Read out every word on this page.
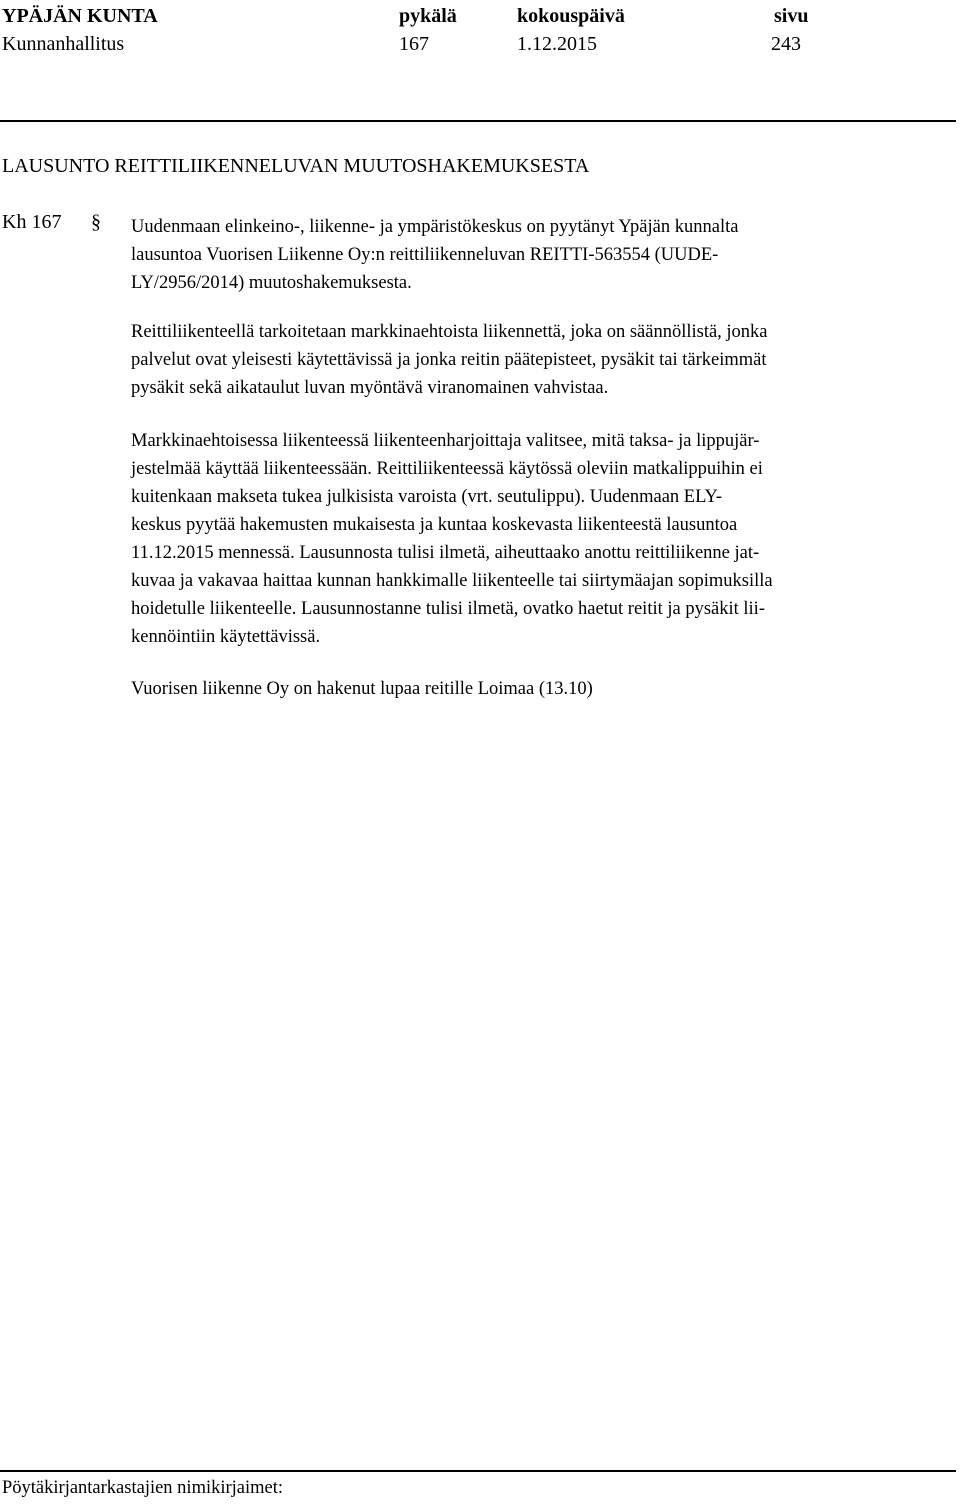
YPÄJÄN KUNTA
Kunnanhallitus
pykälä
167
kokouspäivä
1.12.2015
sivu
243
LAUSUNTO REITTILIIKENNELUVAN MUUTOSHAKEMUKSESTA
Kh 167 § Uudenmaan elinkeino-, liikenne- ja ympäristökeskus on pyytänyt Ypäjän kunnalta
lausuntoa Vuorisen Liikenne Oy:n reittiliikenneluvan REITTI-563554 (UUDE-
LY/2956/2014) muutoshakemuksesta.
Reittiliikenteellä tarkoitetaan markkinaehtoista liikennettä, joka on säännöllistä, jonka
palvelut ovat yleisesti käytettävissä ja jonka reitin päätepisteet, pysäkit tai tärkeimmät
pysäkit sekä aikataulut luvan myöntävä viranomainen vahvistaa.
Markkinaehtoisessa liikenteessä liikenteenharjoittaja valitsee, mitä taksa- ja lippujär-
jestelmää käyttää liikenteessään. Reittiliikenteessä käytössä oleviin matkalippuihin ei
kuitenkaan makseta tukea julkisista varoista (vrt. seutulippu). Uudenmaan ELY-
keskus pyytää hakemusten mukaisesta ja kuntaa koskevasta liikenteestä lausuntoa
11.12.2015 mennessä. Lausunnosta tulisi ilmetä, aiheuttaako anottu reittiliikenne jat-
kuvaa ja vakavaa haittaa kunnan hankkimalle liikenteelle tai siirtymäajan sopimuksilla
hoidetulle liikenteelle. Lausunnostanne tulisi ilmetä, ovatko haetut reitit ja pysäkit lii-
kennöintiin käytettävissä.
Vuorisen liikenne Oy on hakenut lupaa reitille Loimaa (13.10)
Pöytäkirjantarkastajien nimikirjaimet:
